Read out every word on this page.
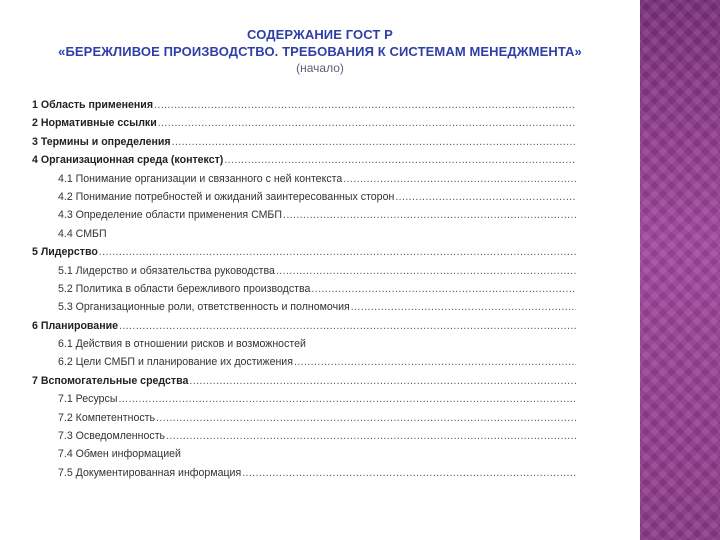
СОДЕРЖАНИЕ ГОСТ Р
«БЕРЕЖЛИВОЕ ПРОИЗВОДСТВО. ТРЕБОВАНИЯ К СИСТЕМАМ МЕНЕДЖМЕНТА»
(начало)
1 Область применения
.....
2 Нормативные ссылки
.....
3 Термины и определения
.....
4 Организационная среда (контекст)
.....
4.1 Понимание организации и связанного с ней контекста
.....
4.2 Понимание потребностей и ожиданий заинтересованных сторон
.....
4.3 Определение области применения СМБП
.....
4.4 СМБП
5 Лидерство
.....
5.1 Лидерство и обязательства руководства
.....
5.2 Политика в области бережливого производства
.....
5.3 Организационные роли, ответственность и полномочия
.....
6 Планирование
.....
6.1 Действия в отношении рисков и возможностей
6.2 Цели СМБП и планирование их достижения
.....
7 Вспомогательные средства
.....
7.1 Ресурсы
.....
7.2 Компетентность
.....
7.3 Осведомленность
.....
7.4 Обмен информацией
7.5 Документированная информация
.....
